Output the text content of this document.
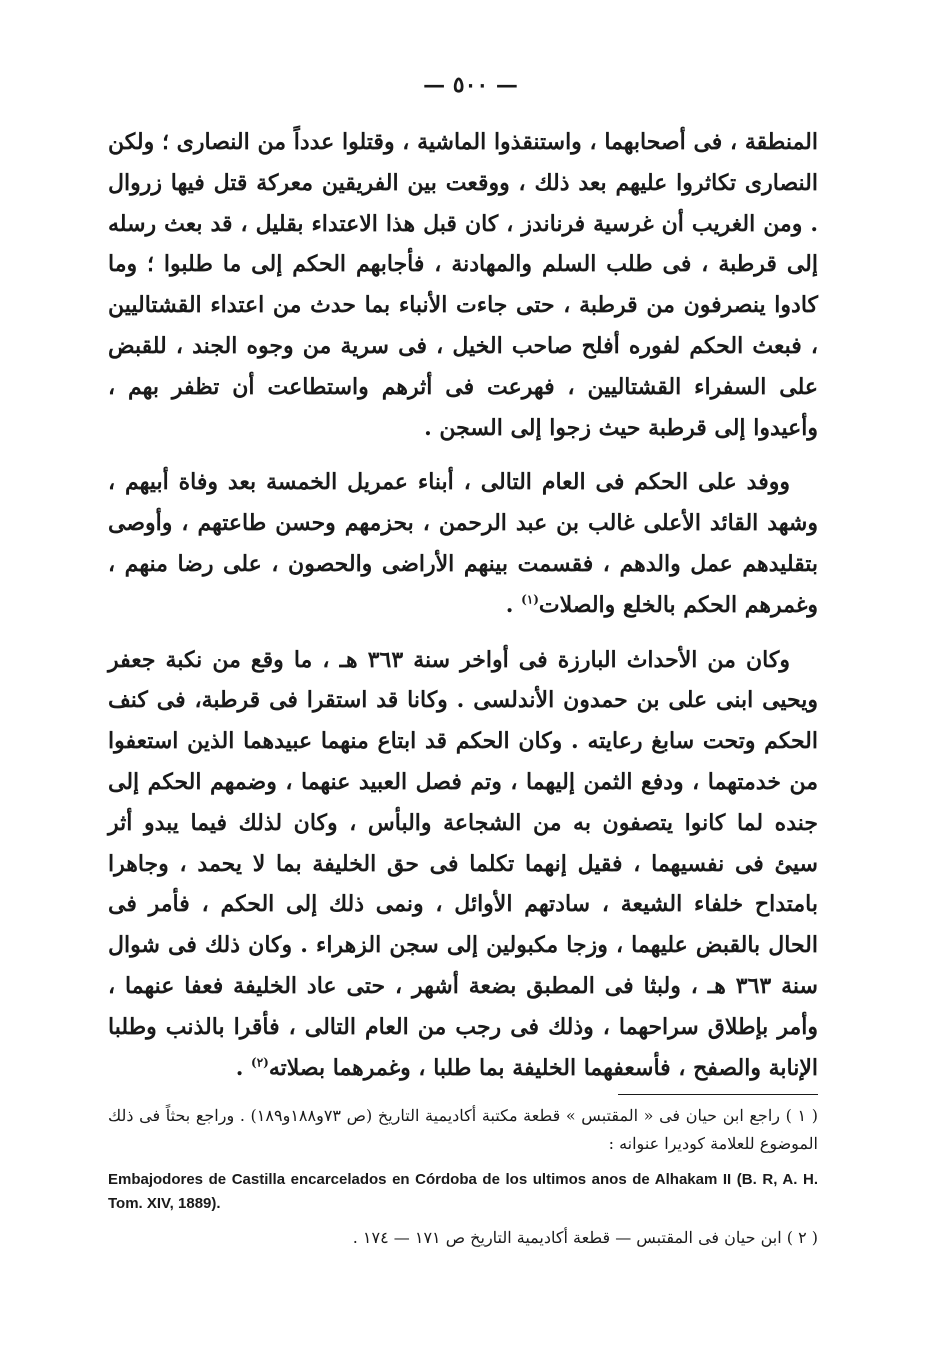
— ٥٠٠ —

المنطقة ، فى أصحابهما ، واستنقذوا الماشية ، وقتلوا عدداً من النصارى ؛ ولكن النصارى تكاثروا عليهم بعد ذلك ، ووقعت بين الفريقين معركة قتل فيها زروال . ومن الغريب أن غرسية فرناندز ، كان قبل هذا الاعتداء بقليل ، قد بعث رسله إلى قرطبة ، فى طلب السلم والمهادنة ، فأجابهم الحكم إلى ما طلبوا ؛ وما كادوا ينصرفون من قرطبة ، حتى جاءت الأنباء بما حدث من اعتداء القشتاليين ، فبعث الحكم لفوره أفلح صاحب الخيل ، فى سرية من وجوه الجند ، للقبض على السفراء القشتاليين ، فهرعت فى أثرهم واستطاعت أن تظفر بهم ، وأعيدوا إلى قرطبة حيث زجوا إلى السجن .

ووفد على الحكم فى العام التالى ، أبناء عمريل الخمسة بعد وفاة أبيهم ، وشهد القائد الأعلى غالب بن عبد الرحمن ، بحزمهم وحسن طاعتهم ، وأوصى بتقليدهم عمل والدهم ، فقسمت بينهم الأراضى والحصون ، على رضا منهم ، وغمرهم الحكم بالخلع والصلات$^{(١)}$ .

وكان من الأحداث البارزة فى أواخر سنة ٣٦٣ هـ ، ما وقع من نكبة جعفر ويحيى ابنى على بن حمدون الأندلسى . وكانا قد استقرا فى قرطبة، فى كنف الحكم وتحت سابغ رعايته . وكان الحكم قد ابتاع منهما عبيدهما الذين استعفوا من خدمتهما ، ودفع الثمن إليهما ، وتم فصل العبيد عنهما ، وضمهم الحكم إلى جنده لما كانوا يتصفون به من الشجاعة والبأس ، وكان لذلك فيما يبدو أثر سيئ فى نفسيهما ، فقيل إنهما تكلما فى حق الخليفة بما لا يحمد ، وجاهرا بامتداح خلفاء الشيعة ، سادتهم الأوائل ، ونمى ذلك إلى الحكم ، فأمر فى الحال بالقبض عليهما ، وزجا مكبولين إلى سجن الزهراء . وكان ذلك فى شوال سنة ٣٦٣ هـ ، ولبثا فى المطبق بضعة أشهر ، حتى عاد الخليفة فعفا عنهما ، وأمر بإطلاق سراحهما ، وذلك فى رجب من العام التالى ، فأقرا بالذنب وطلبا الإنابة والصفح ، فأسعفهما الخليفة بما طلبا ، وغمرهما بصلاته$^{(٢)}$ .

( ١ ) راجع ابن حيان فى « المقتبس » قطعة مكتبة أكاديمية التاريخ (ص ٧٣و١٨٨و١٨٩) . وراجع بحثاً فى ذلك الموضوع للعلامة كوديرا عنوانه :

Embajodores de Castilla encarcelados en Córdoba de los ultimos anos de Alhakam II (B. R, A. H. Tom. XIV, 1889).

( ٢ ) ابن حيان فى المقتبس — قطعة أكاديمية التاريخ ص ١٧١ — ١٧٤ .
